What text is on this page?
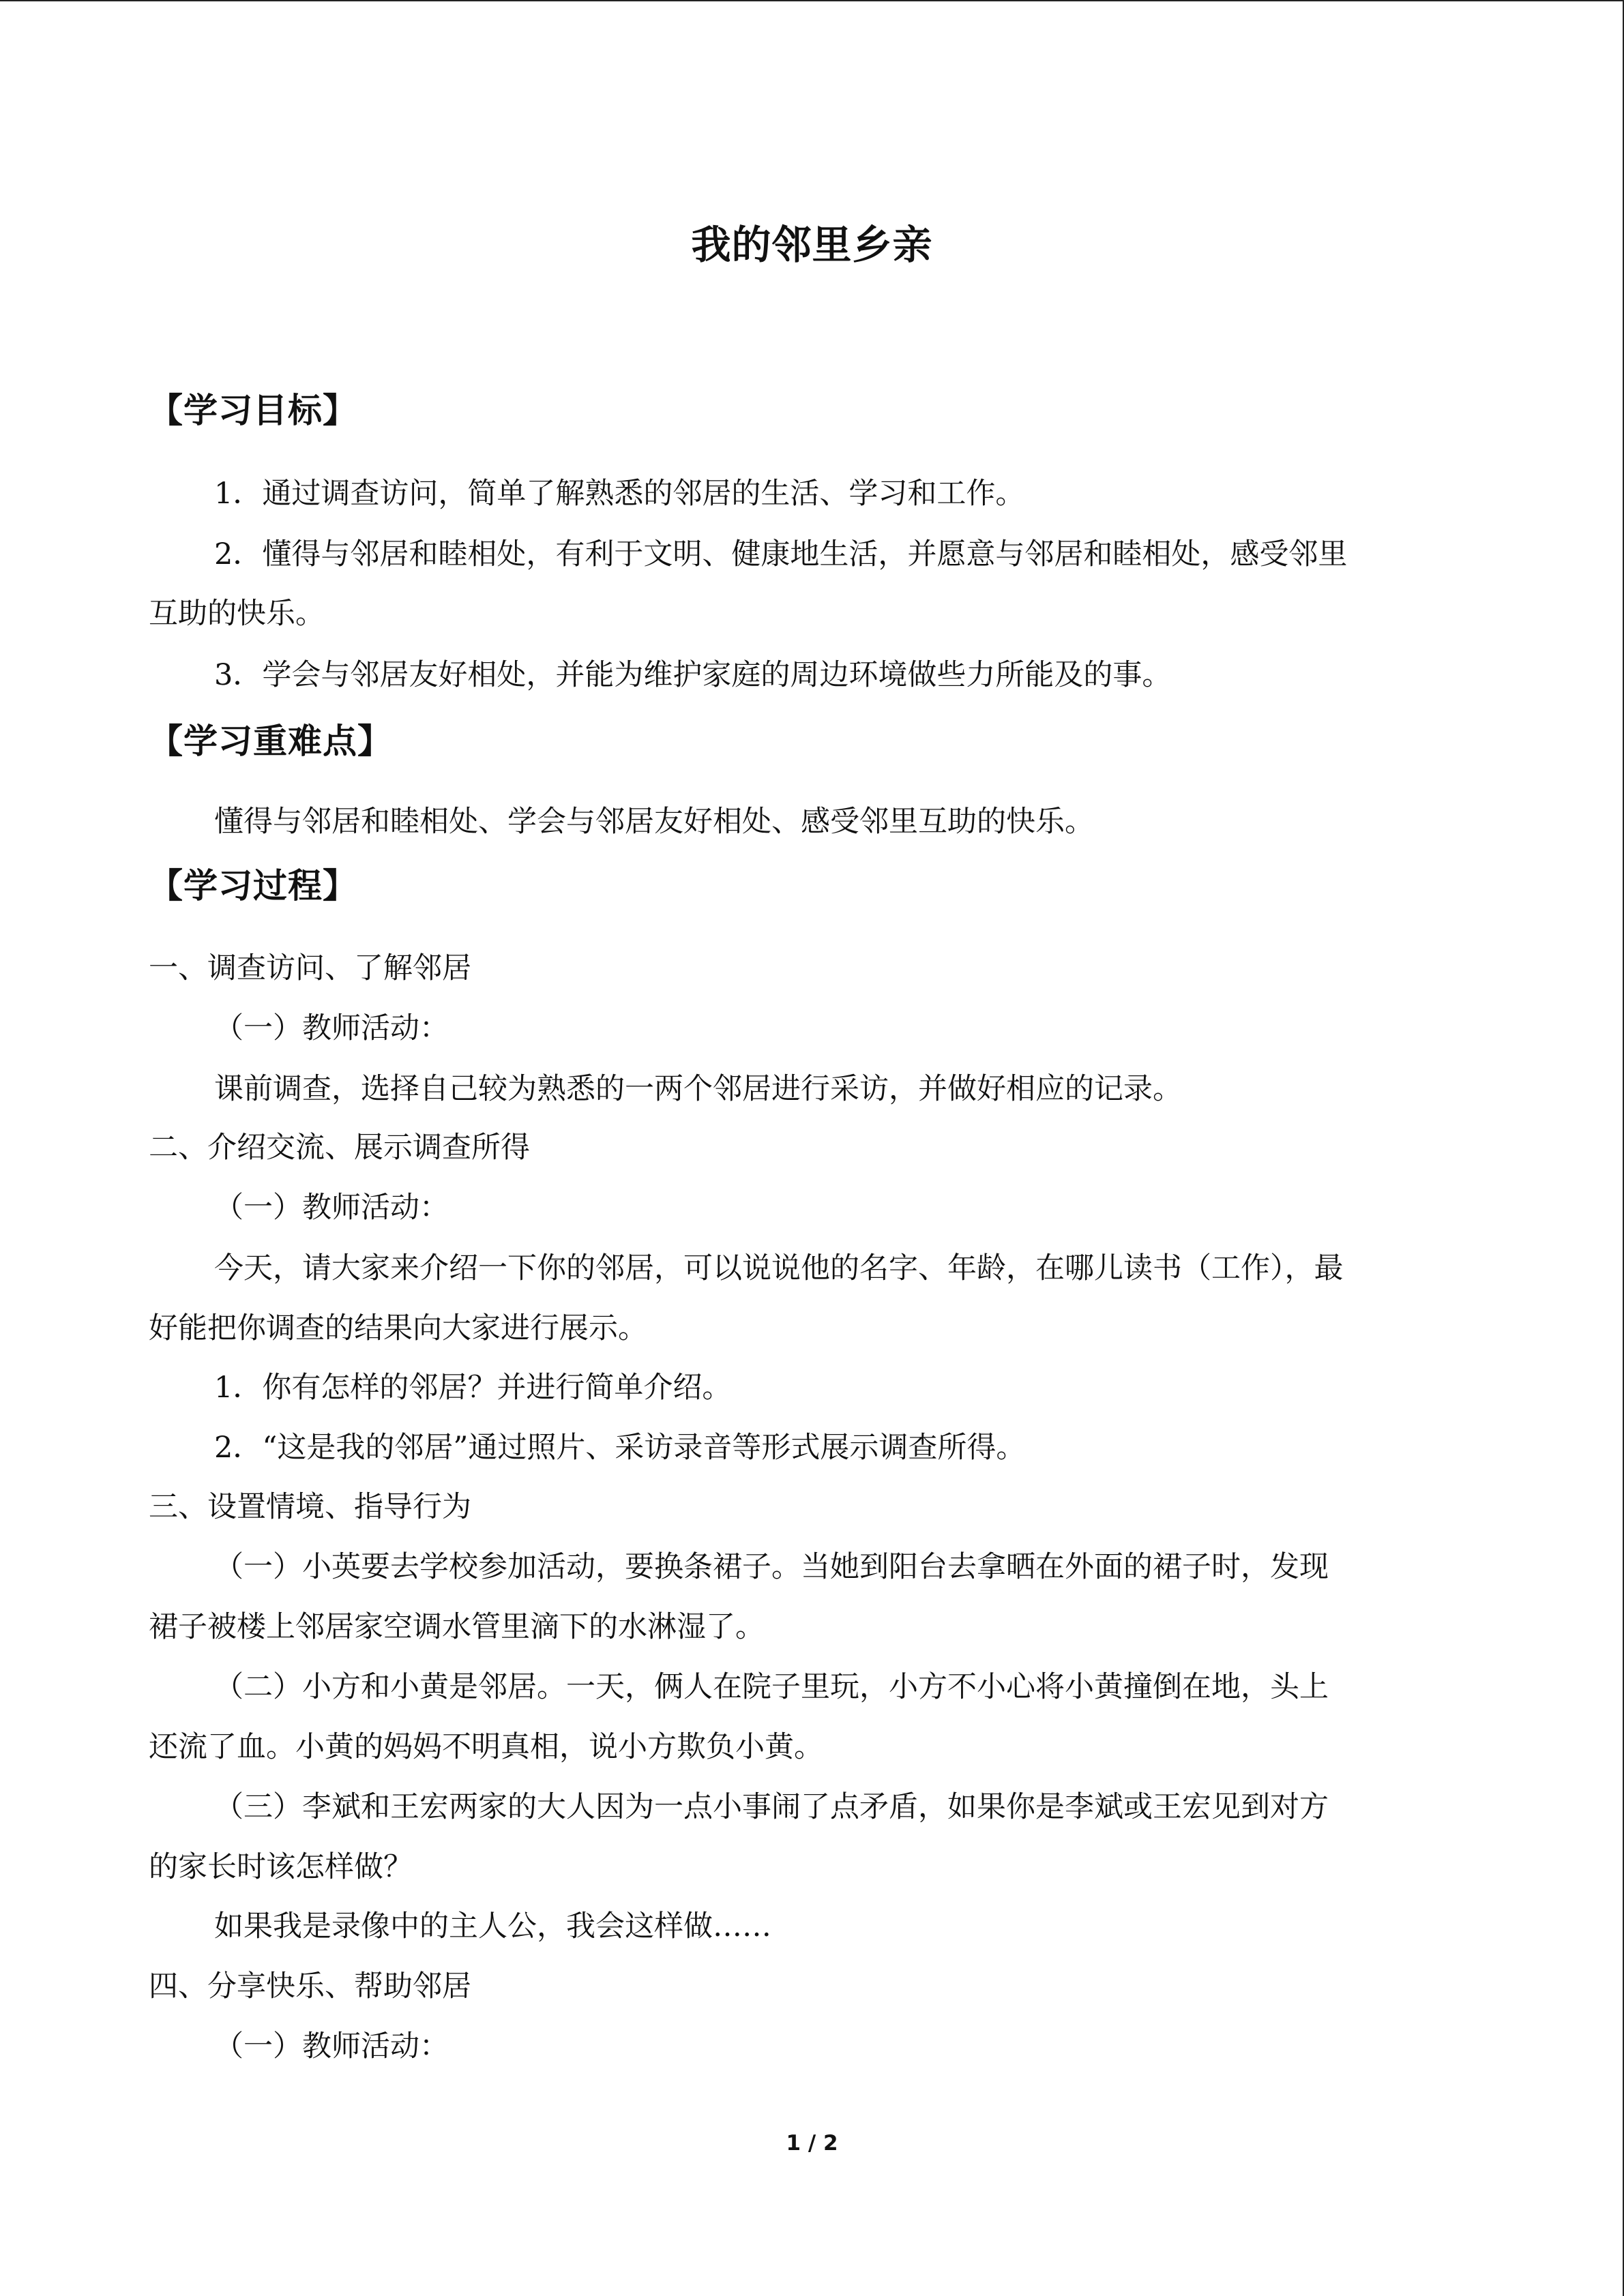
我的邻里乡亲
【学习目标】
1．通过调查访问，简单了解熟悉的邻居的生活、学习和工作。
2．懂得与邻居和睦相处，有利于文明、健康地生活，并愿意与邻居和睦相处，感受邻里
互助的快乐。
3．学会与邻居友好相处，并能为维护家庭的周边环境做些力所能及的事。
【学习重难点】
懂得与邻居和睦相处、学会与邻居友好相处、感受邻里互助的快乐。
【学习过程】
一、调查访问、了解邻居
（一）教师活动：
课前调查，选择自己较为熟悉的一两个邻居进行采访，并做好相应的记录。
二、介绍交流、展示调查所得
（一）教师活动：
今天，请大家来介绍一下你的邻居，可以说说他的名字、年龄，在哪儿读书（工作），最
好能把你调查的结果向大家进行展示。
1．你有怎样的邻居？并进行简单介绍。
2．“这是我的邻居”通过照片、采访录音等形式展示调查所得。
三、设置情境、指导行为
（一）小英要去学校参加活动，要换条裙子。当她到阳台去拿晒在外面的裙子时，发现
裙子被楼上邻居家空调水管里滴下的水淋湿了。
（二）小方和小黄是邻居。一天，俩人在院子里玩，小方不小心将小黄撞倒在地，头上
还流了血。小黄的妈妈不明真相，说小方欺负小黄。
（三）李斌和王宏两家的大人因为一点小事闹了点矛盾，如果你是李斌或王宏见到对方
的家长时该怎样做？
如果我是录像中的主人公，我会这样做……
四、分享快乐、帮助邻居
（一）教师活动：
1 / 2
